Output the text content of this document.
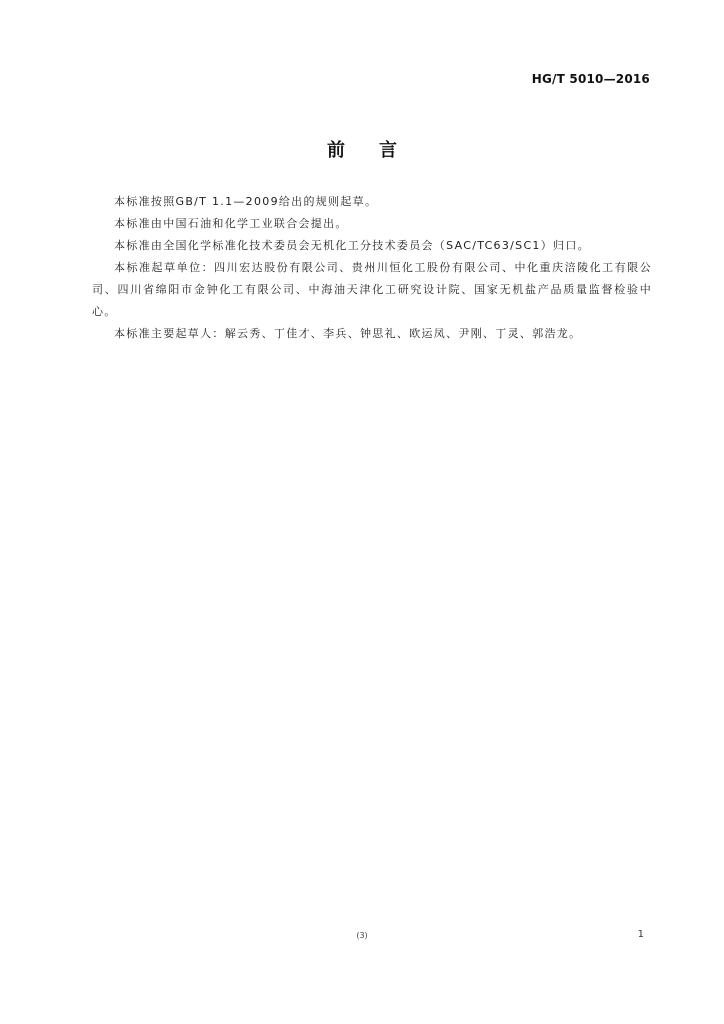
HG/T 5010—2016
前言

本标准按照GB/T 1.1—2009给出的规则起草。

本标准由中国石油和化学工业联合会提出。

本标准由全国化学标准化技术委员会无机化工分技术委员会（SAC/TC63/SC1）归口。

本标准起草单位：四川宏达股份有限公司、贵州川恒化工股份有限公司、中化重庆涪陵化工有限公司、四川省绵阳市金钟化工有限公司、中海油天津化工研究设计院、国家无机盐产品质量监督检验中心。

本标准主要起草人：解云秀、丁佳才、李兵、钟思礼、欧运凤、尹刚、丁灵、郭浩龙。

(3)	1
